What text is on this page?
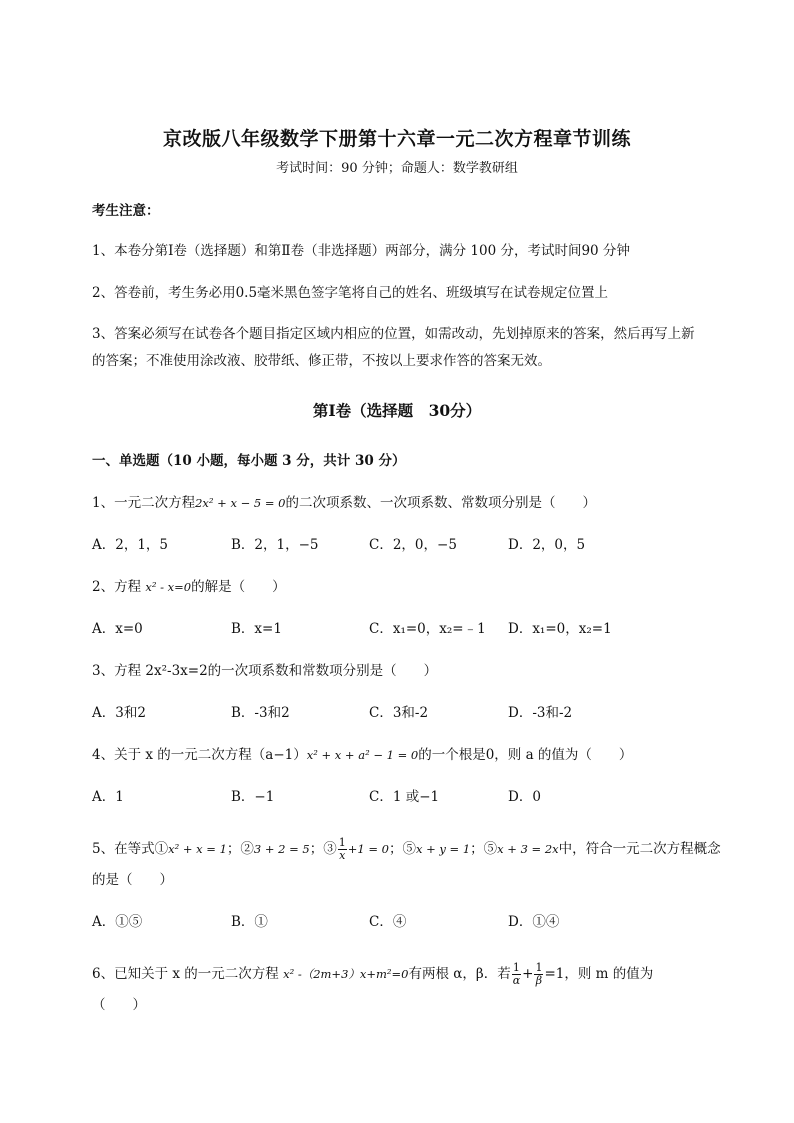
京改版八年级数学下册第十六章一元二次方程章节训练
考试时间：90 分钟；命题人：数学教研组
考生注意：
1、本卷分第Ⅰ卷（选择题）和第Ⅱ卷（非选择题）两部分，满分 100 分，考试时间90 分钟
2、答卷前，考生务必用0.5毫米黑色签字笔将自己的姓名、班级填写在试卷规定位置上
3、答案必须写在试卷各个题目指定区域内相应的位置，如需改动，先划掉原来的答案，然后再写上新
的答案；不准使用涂改液、胶带纸、修正带，不按以上要求作答的答案无效。
第Ⅰ卷（选择题　30分）
一、单选题（10 小题，每小题 3 分，共计 30 分）
1、一元二次方程2x² + x − 5 = 0的二次项系数、一次项系数、常数项分别是（　　）
A．2，1，5	B．2，1，−5	C．2，0，−5	D．2，0，5
2、方程 x² - x=0的解是（　　）
A．x=0	B．x=1	C．x₁=0，x₂=﹣1 D．x₁=0，x₂=1
3、方程 2x²-3x=2的一次项系数和常数项分别是（　　）
A．3和2	B．-3和2	C．3和-2	D．-3和-2
4、关于 x 的一元二次方程（a−1）x² + x + a² − 1 = 0的一个根是0，则 a 的值为（　　）
A．1	B．−1	C．1 或−1	D．0
5、在等式①x² + x = 1；②3 + 2 = 5；③ $\frac{1}{x} +1 = 0$；⑤x + y = 1；⑤x + 3 = 2x中，符合一元二次方程概念
的是（　　）
A．①⑤	B．①	C．④	D．①④
6、已知关于 x 的一元二次方程 x² -（2m+3）x+m²=0有两根 α，β．若 $\frac{1}{\alpha} + \frac{1}{\beta} =1$，则 m 的值为
（　　）
